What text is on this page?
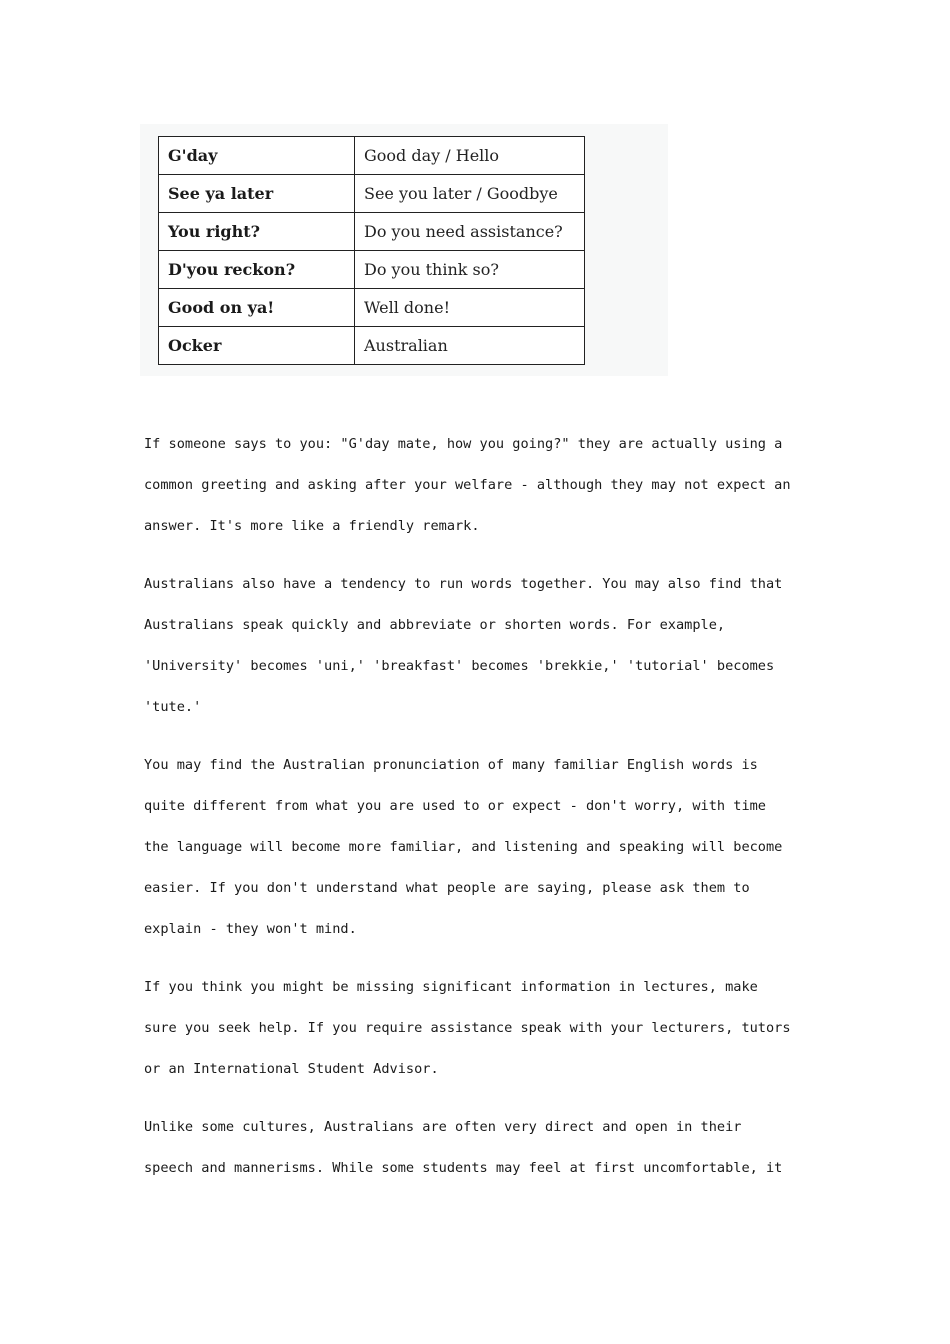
G'day	Good day / Hello
See ya later	See you later / Goodbye
You right?	Do you need assistance?
D'you reckon?	Do you think so?
Good on ya!	Well done!
Ocker	Australian

If someone says to you: "G'day mate, how you going?" they are actually using a
common greeting and asking after your welfare - although they may not expect an
answer. It's more like a friendly remark.

Australians also have a tendency to run words together. You may also find that
Australians speak quickly and abbreviate or shorten words. For example,
'University' becomes 'uni,' 'breakfast' becomes 'brekkie,' 'tutorial' becomes
'tute.'

You may find the Australian pronunciation of many familiar English words is
quite different from what you are used to or expect - don't worry, with time
the language will become more familiar, and listening and speaking will become
easier. If you don't understand what people are saying, please ask them to
explain - they won't mind.

If you think you might be missing significant information in lectures, make
sure you seek help. If you require assistance speak with your lecturers, tutors
or an International Student Advisor.

Unlike some cultures, Australians are often very direct and open in their
speech and mannerisms. While some students may feel at first uncomfortable, it
